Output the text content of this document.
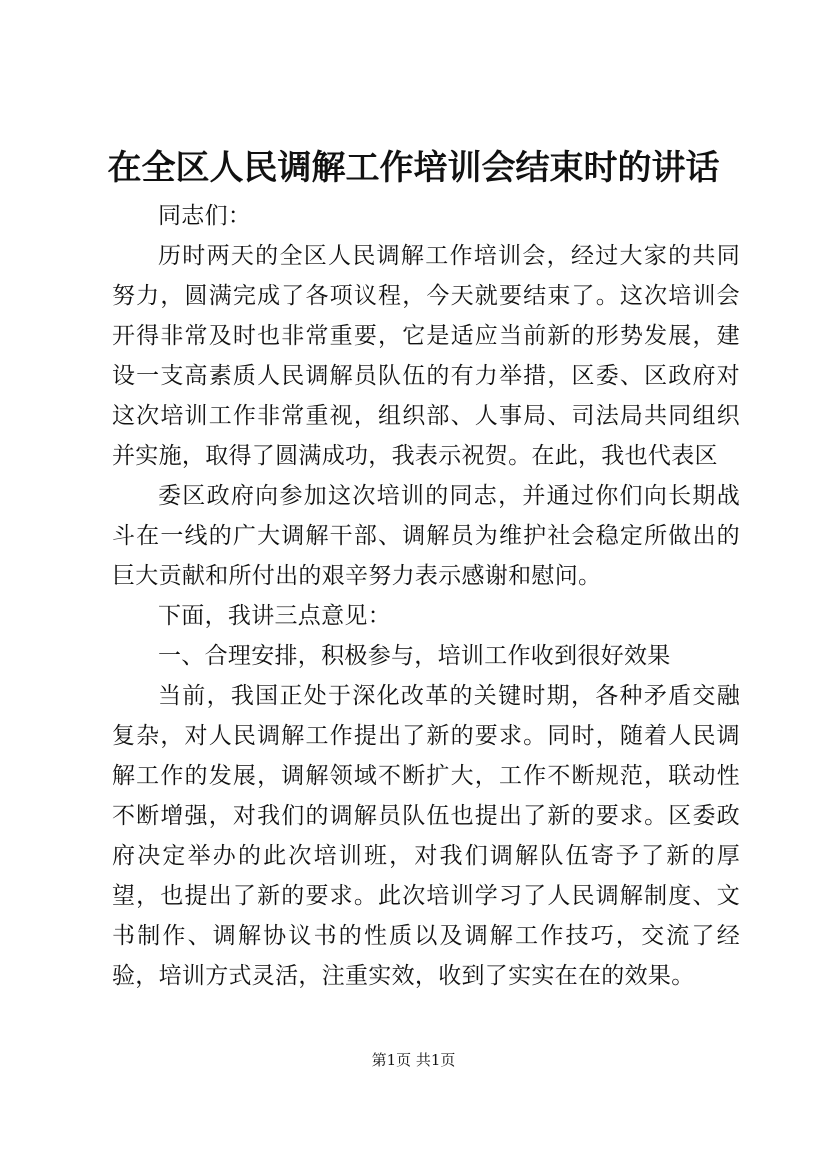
在全区人民调解工作培训会结束时的讲话

同志们：

历时两天的全区人民调解工作培训会，经过大家的共同努力，圆满完成了各项议程，今天就要结束了。这次培训会开得非常及时也非常重要，它是适应当前新的形势发展，建设一支高素质人民调解员队伍的有力举措，区委、区政府对这次培训工作非常重视，组织部、人事局、司法局共同组织并实施，取得了圆满成功，我表示祝贺。在此，我也代表区

委区政府向参加这次培训的同志，并通过你们向长期战斗在一线的广大调解干部、调解员为维护社会稳定所做出的巨大贡献和所付出的艰辛努力表示感谢和慰问。

下面，我讲三点意见：

一、合理安排，积极参与，培训工作收到很好效果

当前，我国正处于深化改革的关键时期，各种矛盾交融复杂，对人民调解工作提出了新的要求。同时，随着人民调解工作的发展，调解领域不断扩大，工作不断规范，联动性不断增强，对我们的调解员队伍也提出了新的要求。区委政府决定举办的此次培训班，对我们调解队伍寄予了新的厚望，也提出了新的要求。此次培训学习了人民调解制度、文书制作、调解协议书的性质以及调解工作技巧，交流了经验，培训方式灵活，注重实效，收到了实实在在的效果。

第1页 共1页
